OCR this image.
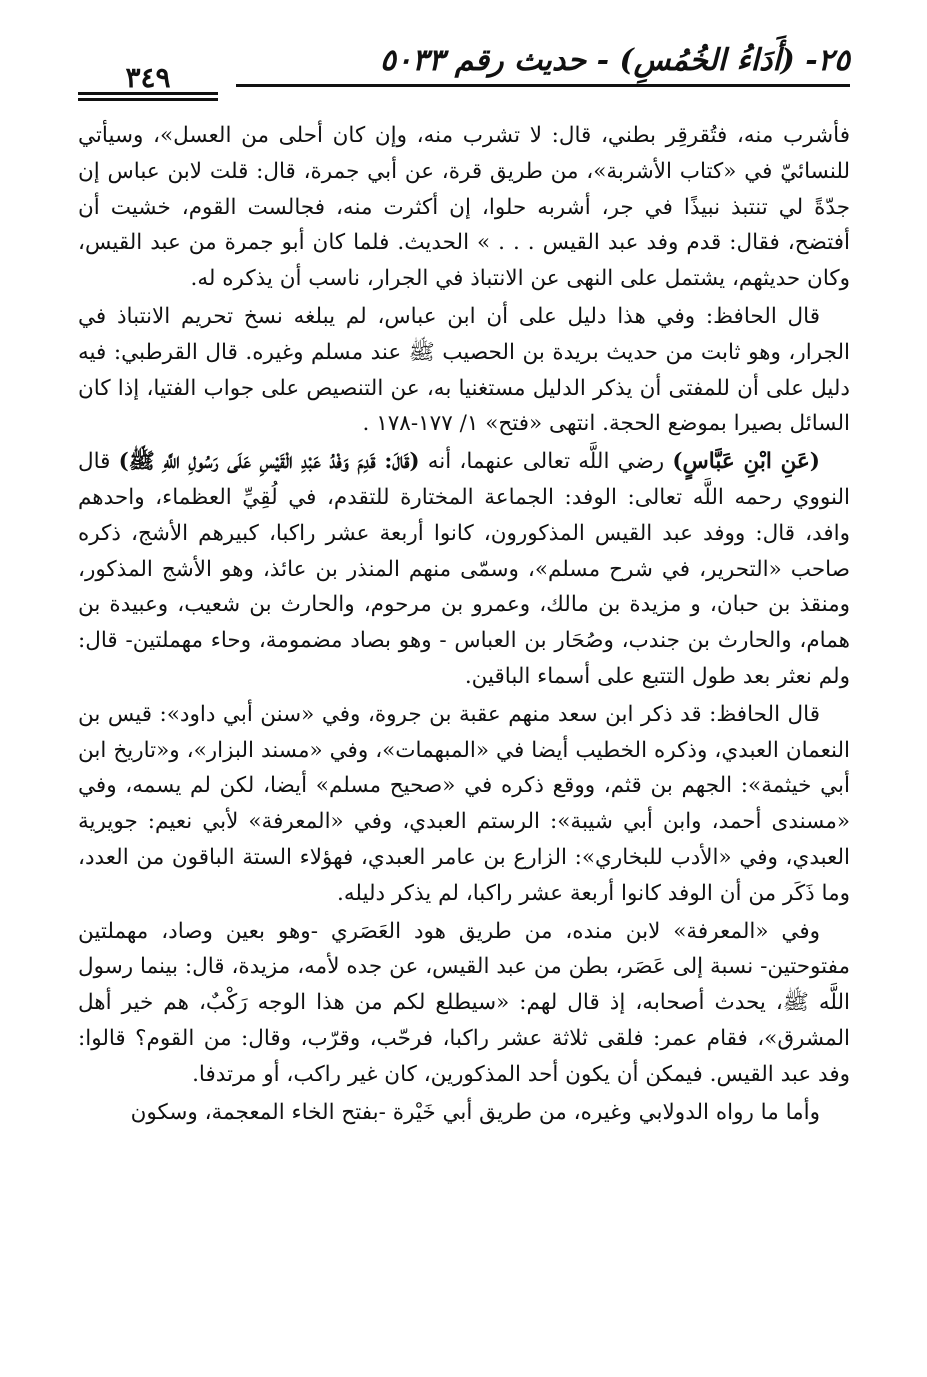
٢٥- (أَدَاءُ الخُمُسِ) - حديث رقم ٥٠٣٣
٣٤٩

فأشرب منه، فتُقرقِر بطني، قال: لا تشرب منه، وإن كان أحلى من العسل»، وسيأتي للنسائيّ في «كتاب الأشربة»، من طريق قرة، عن أبي جمرة، قال: قلت لابن عباس إن جدّةً لي تنتبذ نبيذًا في جر، أشربه حلوا، إن أكثرت منه، فجالست القوم، خشيت أن أفتضح، فقال: قدم وفد عبد القيس . . . » الحديث. فلما كان أبو جمرة من عبد القيس، وكان حديثهم، يشتمل على النهى عن الانتباذ في الجرار، ناسب أن يذكره له.

قال الحافظ: وفي هذا دليل على أن ابن عباس، لم يبلغه نسخ تحريم الانتباذ في الجرار، وهو ثابت من حديث بريدة بن الحصيب ﷺ عند مسلم وغيره. قال القرطبي: فيه دليل على أن للمفتى أن يذكر الدليل مستغنيا به، عن التنصيص على جواب الفتيا، إذا كان السائل بصيرا بموضع الحجة. انتهى «فتح» ١/ ١٧٧-١٧٨ .

(عَنِ ابْنِ عَبَّاسٍ) رضي اللَّه تعالى عنهما، أنه (قَالَ: قَدِمَ وَفْدُ عَبْدِ الْقَيْسِ عَلَى رَسُولِ اللَّهِ ﷺ) قال النووي رحمه اللَّه تعالى: الوفد: الجماعة المختارة للتقدم، في لُقِيِّ العظماء، واحدهم وافد، قال: ووفد عبد القيس المذكورون، كانوا أربعة عشر راكبا، كبيرهم الأشج، ذكره صاحب «التحرير، في شرح مسلم»، وسمّى منهم المنذر بن عائذ، وهو الأشج المذكور، ومنقذ بن حبان، و مزيدة بن مالك، وعمرو بن مرحوم، والحارث بن شعيب، وعبيدة بن همام، والحارث بن جندب، وصُحَار بن العباس - وهو بصاد مضمومة، وحاء مهملتين- قال: ولم نعثر بعد طول التتبع على أسماء الباقين.

قال الحافظ: قد ذكر ابن سعد منهم عقبة بن جروة، وفي «سنن أبي داود»: قيس بن النعمان العبدي، وذكره الخطيب أيضا في «المبهمات»، وفي «مسند البزار»، و«تاريخ ابن أبي خيثمة»: الجهم بن قثم، ووقع ذكره في «صحيح مسلم» أيضا، لكن لم يسمه، وفي «مسندى أحمد، وابن أبي شيبة»: الرستم العبدي، وفي «المعرفة» لأبي نعيم: جويرية العبدي، وفي «الأدب للبخاري»: الزارع بن عامر العبدي، فهؤلاء الستة الباقون من العدد، وما ذَكَر من أن الوفد كانوا أربعة عشر راكبا، لم يذكر دليله.

وفي «المعرفة» لابن منده، من طريق هود العَصَري -وهو بعين وصاد، مهملتين مفتوحتين- نسبة إلى عَصَر، بطن من عبد القيس، عن جده لأمه، مزيدة، قال: بينما رسول اللَّه ﷺ، يحدث أصحابه، إذ قال لهم: «سيطلع لكم من هذا الوجه رَكْبٌ، هم خير أهل المشرق»، فقام عمر: فلقى ثلاثة عشر راكبا، فرحّب، وقرّب، وقال: من القوم؟ قالوا: وفد عبد القيس. فيمكن أن يكون أحد المذكورين، كان غير راكب، أو مرتدفا.

وأما ما رواه الدولابي وغيره، من طريق أبي خَيْرة -بفتح الخاء المعجمة، وسكون
